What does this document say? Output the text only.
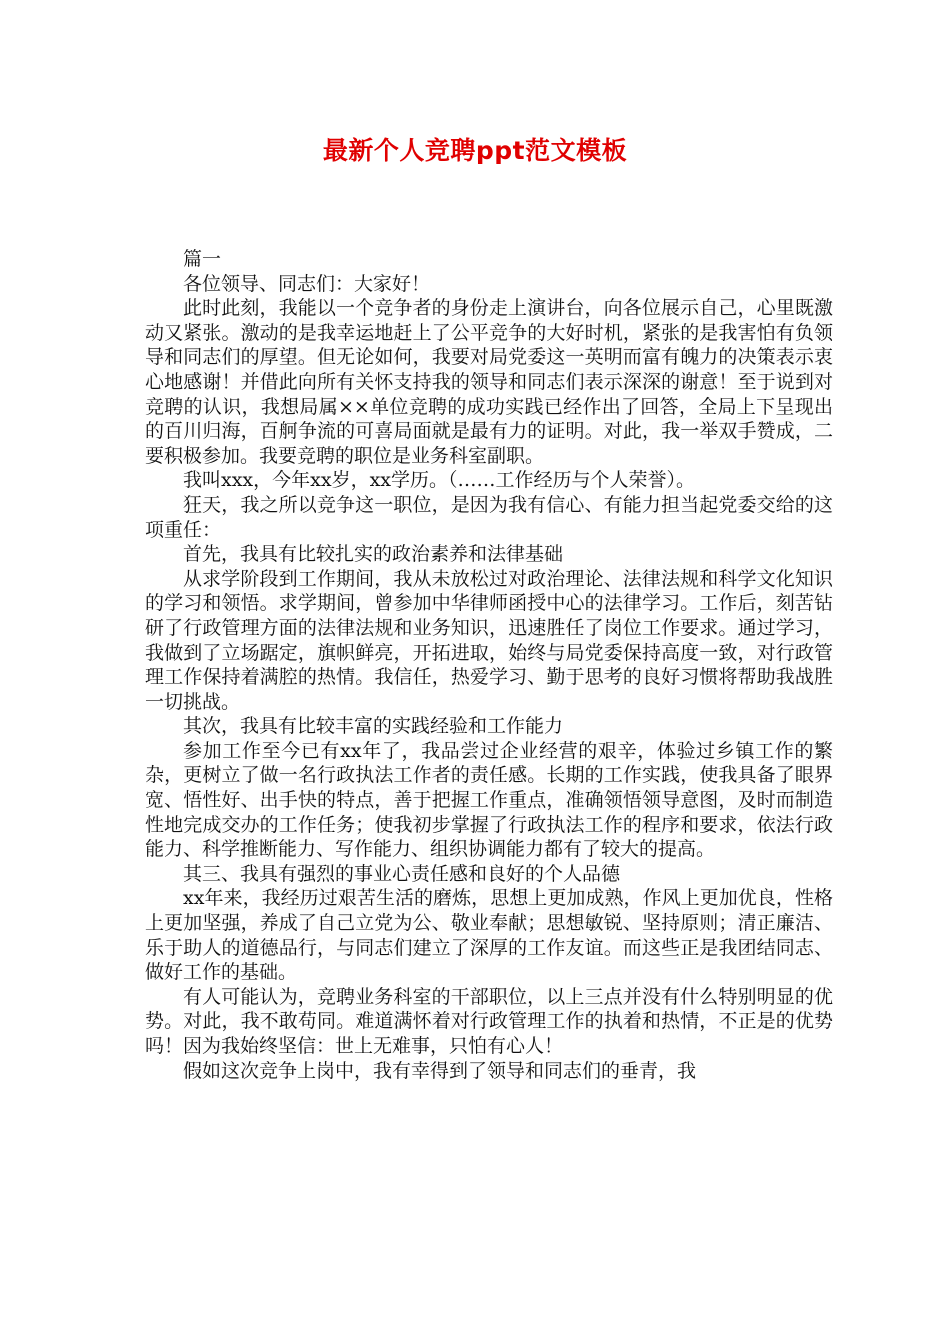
最新个人竞聘ppt范文模板

篇一

各位领导、同志们：大家好！

此时此刻，我能以一个竞争者的身份走上演讲台，向各位展示自己，心里既激动又紧张。激动的是我幸运地赶上了公平竞争的大好时机，紧张的是我害怕有负领导和同志们的厚望。但无论如何，我要对局党委这一英明而富有魄力的决策表示衷心地感谢！并借此向所有关怀支持我的领导和同志们表示深深的谢意！至于说到对竞聘的认识，我想局属××单位竞聘的成功实践已经作出了回答，全局上下呈现出的百川归海，百舸争流的可喜局面就是最有力的证明。对此，我一举双手赞成，二要积极参加。我要竞聘的职位是业务科室副职。

我叫xxx，今年xx岁，xx学历。（……工作经历与个人荣誉）。

狂天，我之所以竞争这一职位，是因为我有信心、有能力担当起党委交给的这项重任：

首先，我具有比较扎实的政治素养和法律基础

从求学阶段到工作期间，我从未放松过对政治理论、法律法规和科学文化知识的学习和领悟。求学期间，曾参加中华律师函授中心的法律学习。工作后，刻苦钻研了行政管理方面的法律法规和业务知识，迅速胜任了岗位工作要求。通过学习，我做到了立场踞定，旗帜鲜亮，开拓进取，始终与局党委保持高度一致，对行政管理工作保持着满腔的热情。我信任，热爱学习、勤于思考的良好习惯将帮助我战胜一切挑战。

其次，我具有比较丰富的实践经验和工作能力

参加工作至今已有xx年了，我品尝过企业经营的艰辛，体验过乡镇工作的繁杂，更树立了做一名行政执法工作者的责任感。长期的工作实践，使我具备了眼界宽、悟性好、出手快的特点，善于把握工作重点，准确领悟领导意图，及时而制造性地完成交办的工作任务；使我初步掌握了行政执法工作的程序和要求，依法行政能力、科学推断能力、写作能力、组织协调能力都有了较大的提高。

其三、我具有强烈的事业心责任感和良好的个人品德

xx年来，我经历过艰苦生活的磨炼，思想上更加成熟，作风上更加优良，性格上更加坚强，养成了自己立党为公、敬业奉献；思想敏锐、坚持原则；清正廉洁、乐于助人的道德品行，与同志们建立了深厚的工作友谊。而这些正是我团结同志、做好工作的基础。

有人可能认为，竞聘业务科室的干部职位，以上三点并没有什么特别明显的优势。对此，我不敢苟同。难道满怀着对行政管理工作的执着和热情，不正是的优势吗！因为我始终坚信：世上无难事，只怕有心人！

假如这次竞争上岗中，我有幸得到了领导和同志们的垂青，我
